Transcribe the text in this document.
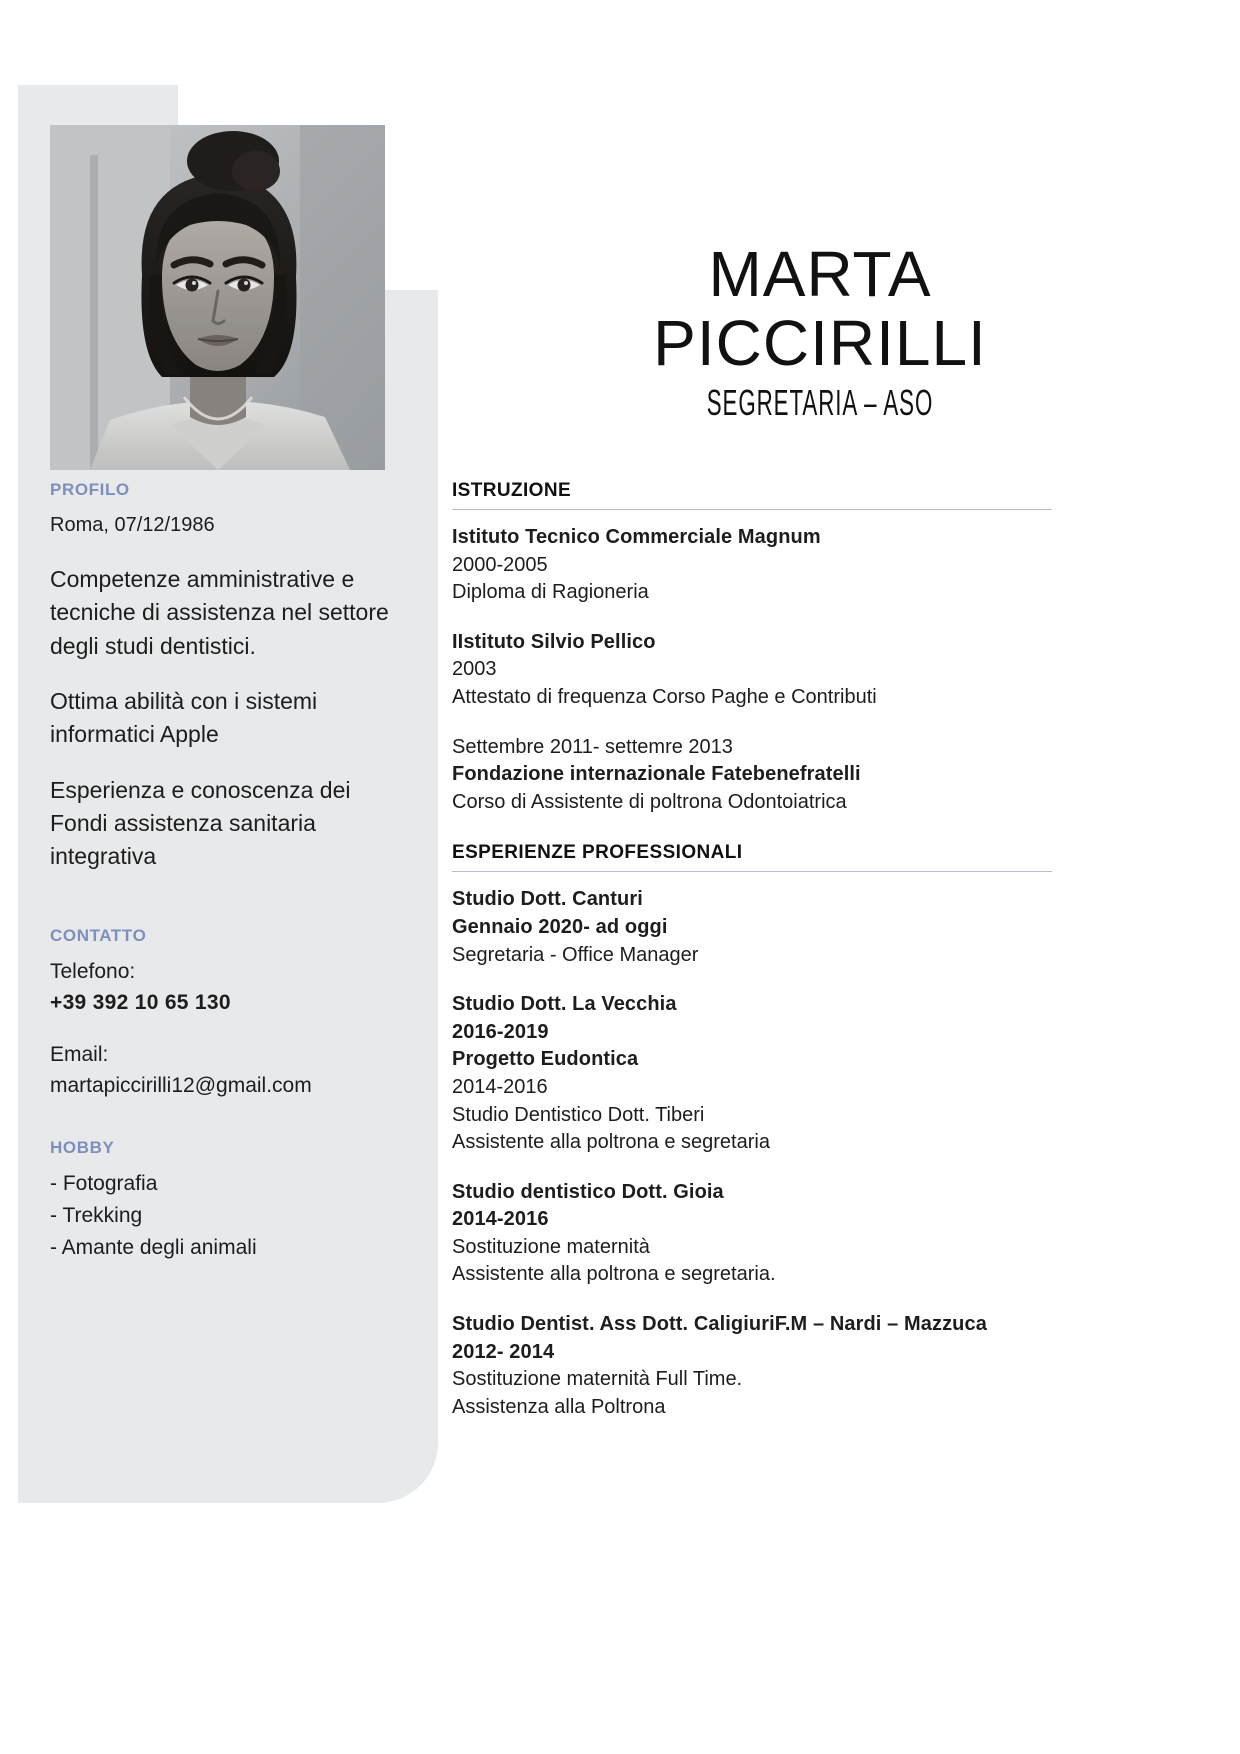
MARTA
PICCIRILLI
SEGRETARIA – ASO
PROFILO
Roma, 07/12/1986
Competenze amministrative e tecniche di assistenza nel settore degli studi dentistici.
Ottima abilità con i sistemi informatici Apple
Esperienza e conoscenza dei Fondi assistenza sanitaria integrativa
CONTATTO
Telefono:
+39 392 10 65 130
Email:
martapiccirilli12@gmail.com
HOBBY
- Fotografia
- Trekking
- Amante degli animali
ISTRUZIONE
Istituto Tecnico Commerciale Magnum
2000-2005
Diploma di Ragioneria
IIstituto Silvio Pellico
2003
Attestato di frequenza Corso Paghe e Contributi
Settembre 2011- settemre 2013
Fondazione internazionale Fatebenefratelli
Corso di Assistente di poltrona Odontoiatrica
ESPERIENZE PROFESSIONALI
Studio Dott. Canturi
Gennaio 2020- ad oggi
Segretaria - Office Manager
Studio Dott. La Vecchia
2016-2019
Progetto Eudontica
2014-2016
Studio Dentistico Dott. Tiberi
Assistente alla poltrona e segretaria
Studio dentistico Dott. Gioia
2014-2016
Sostituzione maternità
Assistente alla poltrona e segretaria.
Studio Dentist. Ass Dott. CaligiuriF.M – Nardi – Mazzuca
2012- 2014
Sostituzione maternità Full Time.
Assistenza alla Poltrona
